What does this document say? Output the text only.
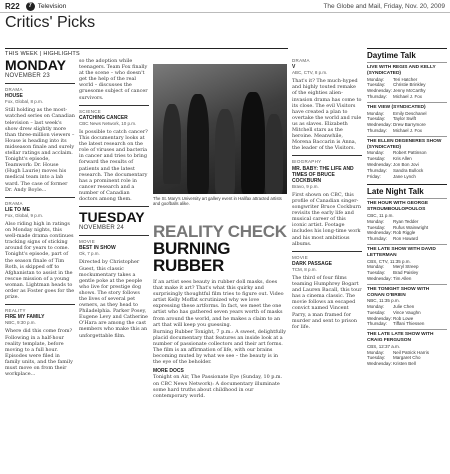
R22	7 Television	The Globe and Mail, Friday, Nov. 20, 2009
Critics' Picks
THIS WEEK | HIGHLIGHTS
MONDAY
NOVEMBER 23
DRAMA
HOUSE
Fox, Global, 8 p.m.

Still holding as the most-watched series on Canadian television – last week's show drew slightly more than three-million viewers – House is heading into its midseason finale and surely stellar ratings and acclaim. Tonight's episode, Teamwork: Dr. House (Hugh Laurie) moves his medical team into a lab ward. The case of former Dr. Andy Boyle...

DRAMA
LIE TO ME
Fox, Global, 9 p.m.

Also riding high in ratings on Monday nights, this well-made drama continues tracking signs of sticking around for years to come. Tonight's episode, part of the season finale of Tim Roth, is skipped off to Afghanistan to assist in the rescue mission of a young woman. Lightman heads to order as Foster goes for the prize.

REALITY
FIRE MY FAMILY
NBC, 9:30 p.m.

Where did this come from? Following in a half-hour reality template, before moving to a full hour. Episodes were filed in family units, and the family must move on from their workplace...

so the adoption while teenagers. Team Fox finally at the scene – who doesn't get the help of the real world – discusses the gruesome subject of cancer survivors.

SCIENCE
CATCHING CANCER
CBC News Network, 10 p.m.

Is possible to catch cancer? This documentary looks at the latest research on the role of viruses and bacteria in cancer and tries to bring forward the results of patients and the latest research. The documentary has a prominent role in cancer research and a number of Canadian doctors among them.

TUESDAY
NOVEMBER 24
MOVIE
BEST IN SHOW
Ok, 7 p.m.

Directed by Christopher Guest, this classic mockumentary takes a gentle poke at the people who live for prestige dog shows. The story follows the lives of several pet owners, as they head to Philadelphia. Parker Posey, Eugene Levy and Catherine O'Hara are among the cast members who make this an unforgettable film.

The St. Mary's University art gallery event in Halifax attracted artists and goofballs alike.
REALITY CHECK
BURNING RUBBER

If an artist sees beauty in rubber doll masks, does that make it art? That's what this quirky and surprisingly thoughtful film tries to figure out. Video artist Kelly Moffat scrutinized why we love expressing these artforms. In fact, we meet the one artist who has gathered seven years worth of masks from around the world, and he makes a claim to an art that will keep you guessing.

Burning Rubber Tonight, 7 p.m.: A sweet, delightfully placid documentary that features an inside look at a number of passionate collectors and their art forms. The film is an affirmation of life, with our brains becoming muted by what we see – the beauty is in the eye of the beholder.

MORE DOCS

Tonight on Air, The Passionate Eye (Sunday, 10 p.m. on CBC News Network): A documentary illuminate some hard truths about childhood in our contemporary world.

DRAMA
V
ABC, CTV, 8 p.m.

That's it? The much-hyped and highly touted remake of the eighties alien-invasion drama has come to its close. The evil Visitors have created a plan to overtake the world and rule us as slaves. Elizabeth Mitchell stars as the heroine. Meanwhile, Morena Baccarin is Anna, the leader of the Visitors.

BIOGRAPHY
MR. BABY: THE LIFE AND TIMES OF BRUCE COCKBURN
Bravo, 9 p.m.

First shown on CBC, this profile of Canadian singer-songwriter Bruce Cockburn revisits the early life and musical career of this iconic artist. Footage includes his long-time work and his most ambitious albums.

MOVIE
DARK PASSAGE
TCM, 8 p.m.

The third of four films teaming Humphrey Bogart and Lauren Bacall, this tour has a cinema classic. The movie follows an escaped convict named Vincent Parry, a man framed for murder and sent to prison for life.

Daytime Talk
LIVE WITH REGIS AND KELLY (SYNDICATED)
Monday:	Teri Hatcher
Tuesday:	Christie Brinkley
Wednesday: Jenny McCarthy
Thursday:	Michael J. Fox
THE VIEW (SYNDICATED)
Monday:	Emily Deschanel
Tuesday:	Taylor Swift
Wednesday: Drew Barrymore
Thursday:	Michael J. Fox
THE ELLEN DEGENERES SHOW (SYNDICATED)
Monday:	Robert Pattinson
Tuesday:	Kris Allen
Wednesday: Jon Bon Jovi
Thursday:	Sandra Bullock
Friday:	Jane Lynch
Late Night Talk
THE HOUR WITH GEORGE STROUMBOULOPOULOS
CBC, 11 p.m.
Monday:	Ryan Tedder
Tuesday:	Rufus Wainwright
Wednesday: Rob Riggle
Thursday:	Ron Howard
THE LATE SHOW WITH DAVID LETTERMAN
CBS, CTV, 11:35 p.m.
Monday:	Meryl Streep
Tuesday:	Brad Paisley
Wednesday: Tim Allen
THE TONIGHT SHOW WITH CONAN O'BRIEN
NBC, 11:35 p.m.
Monday:	Julie Chen
Tuesday:	Vince Vaughn
Wednesday: Rob Lowe
Thursday:	Tiffani Thiessen
THE LATE LATE SHOW WITH CRAIG FERGUSON
CBS, 12:37 a.m.
Monday:	Neil Patrick Harris
Tuesday:	Margaret Cho
Wednesday: Kristen Bell
